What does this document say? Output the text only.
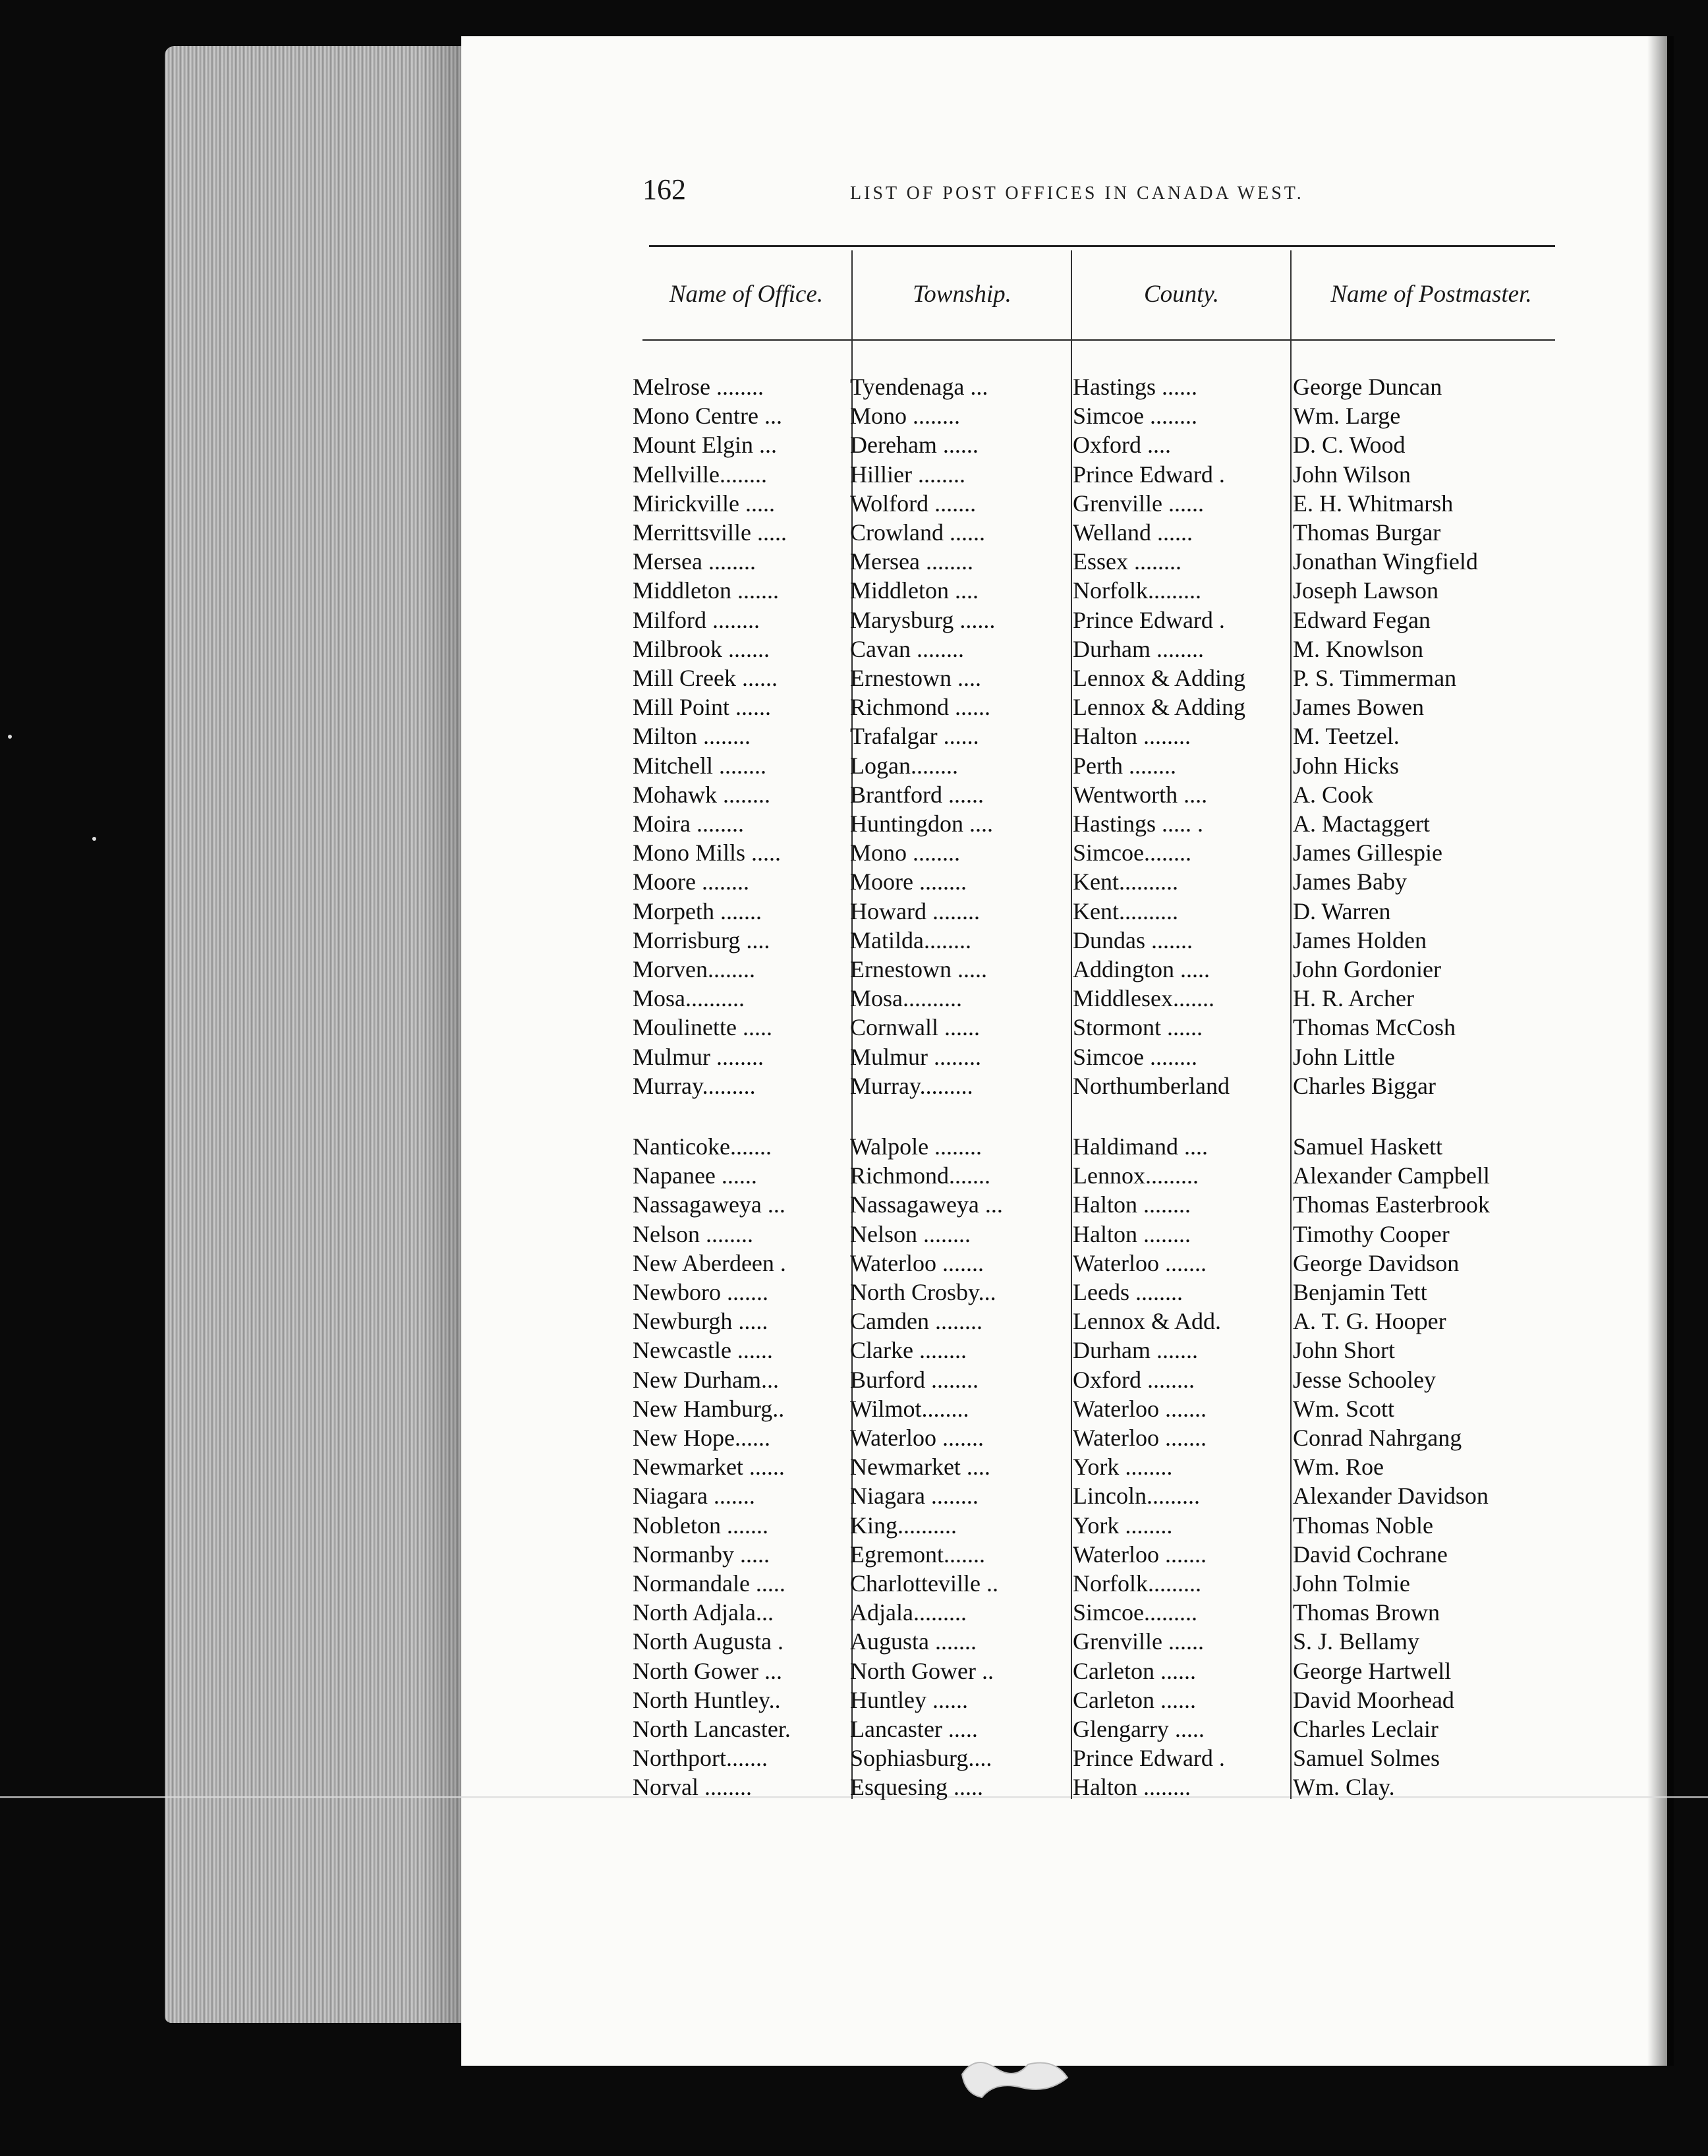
162	LIST OF POST OFFICES IN CANADA WEST.
Name of Office.	Township.	County.	Name of Postmaster.
Melrose ........	Tyendenaga ...	Hastings ......	George Duncan
Mono Centre ...	Mono ........	Simcoe ........	Wm. Large
Mount Elgin ...	Dereham ......	Oxford ....	D. C. Wood
Mellville........	Hillier ........	Prince Edward .	John Wilson
Mirickville .....	Wolford .......	Grenville ......	E. H. Whitmarsh
Merrittsville .....	Crowland ......	Welland ......	Thomas Burgar
Mersea ........	Mersea ........	Essex ........	Jonathan Wingfield
Middleton .......	Middleton ....	Norfolk.........	Joseph Lawson
Milford ........	Marysburg ......	Prince Edward .	Edward Fegan
Milbrook .......	Cavan ........	Durham ........	M. Knowlson
Mill Creek ......	Ernestown ....	Lennox & Adding	P. S. Timmerman
Mill Point ......	Richmond ......	Lennox & Adding	James Bowen
Milton ........	Trafalgar ......	Halton ........	M. Teetzel.
Mitchell ........	Logan........	Perth ........	John Hicks
Mohawk ........	Brantford ......	Wentworth ....	A. Cook
Moira ........	Huntingdon ....	Hastings ..... .	A. Mactaggert
Mono Mills .....	Mono ........	Simcoe........	James Gillespie
Moore ........	Moore ........	Kent..........	James Baby
Morpeth .......	Howard ........	Kent..........	D. Warren
Morrisburg ....	Matilda........	Dundas .......	James Holden
Morven........	Ernestown .....	Addington .....	John Gordonier
Mosa..........	Mosa..........	Middlesex.......	H. R. Archer
Moulinette .....	Cornwall ......	Stormont ......	Thomas McCosh
Mulmur ........	Mulmur ........	Simcoe ........	John Little
Murray.........	Murray.........	Northumberland	Charles Biggar
Nanticoke.......	Walpole ........	Haldimand ....	Samuel Haskett
Napanee ......	Richmond.......	Lennox.........	Alexander Campbell
Nassagaweya ...	Nassagaweya ...	Halton ........	Thomas Easterbrook
Nelson ........	Nelson ........	Halton ........	Timothy Cooper
New Aberdeen .	Waterloo .......	Waterloo .......	George Davidson
Newboro .......	North Crosby...	Leeds ........	Benjamin Tett
Newburgh .....	Camden ........	Lennox & Add.	A. T. G. Hooper
Newcastle ......	Clarke ........	Durham .......	John Short
New Durham...	Burford ........	Oxford ........	Jesse Schooley
New Hamburg..	Wilmot........	Waterloo .......	Wm. Scott
New Hope......	Waterloo .......	Waterloo .......	Conrad Nahrgang
Newmarket ......	Newmarket ....	York ........	Wm. Roe
Niagara .......	Niagara ........	Lincoln.........	Alexander Davidson
Nobleton .......	King..........	York ........	Thomas Noble
Normanby .....	Egremont.......	Waterloo .......	David Cochrane
Normandale .....	Charlotteville ..	Norfolk.........	John Tolmie
North Adjala...	Adjala.........	Simcoe.........	Thomas Brown
North Augusta .	Augusta .......	Grenville ......	S. J. Bellamy
North Gower ...	North Gower ..	Carleton ......	George Hartwell
North Huntley..	Huntley ......	Carleton ......	David Moorhead
North Lancaster.	Lancaster .....	Glengarry .....	Charles Leclair
Northport.......	Sophiasburg....	Prince Edward .	Samuel Solmes
Norval ........	Esquesing .....	Halton ........	Wm. Clay.
